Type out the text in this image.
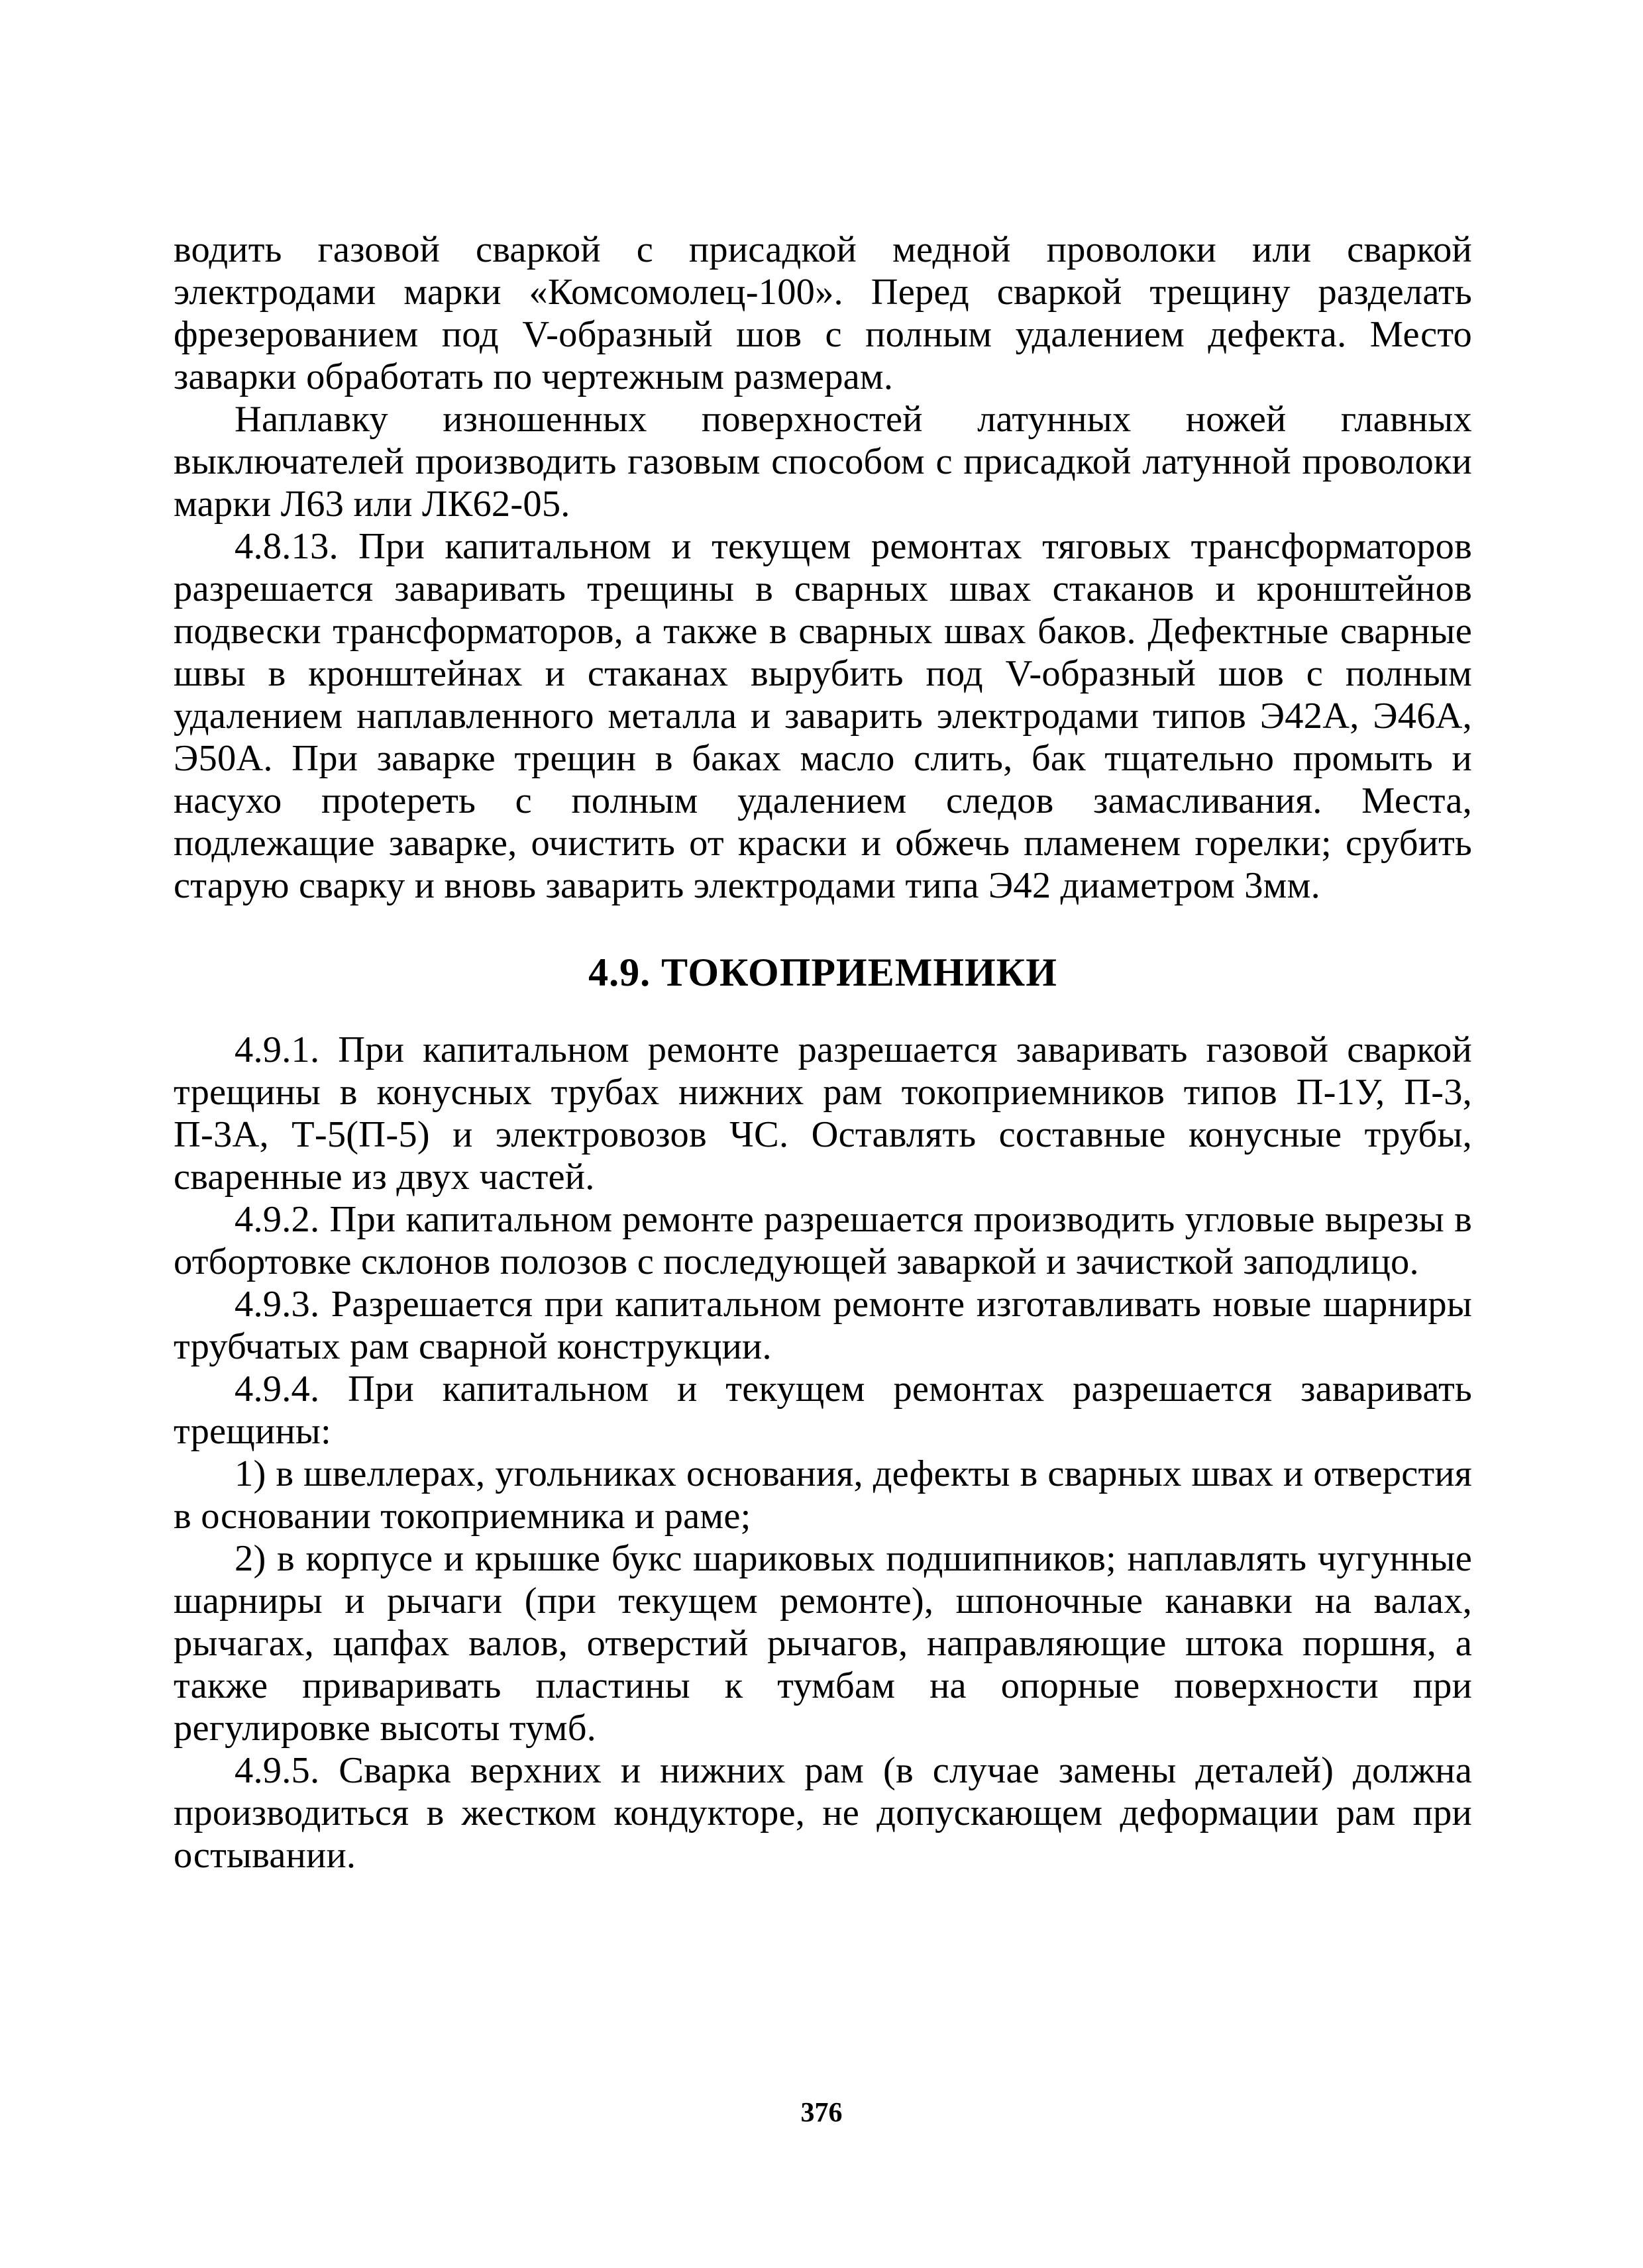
водить газовой сваркой с присадкой медной проволоки или сваркой электродами марки «Комсомолец-100». Перед сваркой трещину разделать фрезерованием под V-образный шов с полным удалением дефекта. Место заварки обработать по чертежным размерам.

Наплавку изношенных поверхностей латунных ножей главных выключателей производить газовым способом с присадкой латунной проволоки марки Л63 или ЛК62-05.

4.8.13. При капитальном и текущем ремонтах тяговых трансформаторов разрешается заваривать трещины в сварных швах стаканов и кронштейнов подвески трансформаторов, а также в сварных швах баков. Дефектные сварные швы в кронштейнах и стаканах вырубить под V-образный шов с полным удалением наплавленного металла и заварить электродами типов Э42А, Э46А, Э50А. При заварке трещин в баках масло слить, бак тщательно промыть и насухо прoteреть с полным удалением следов замасливания. Места, подлежащие заварке, очистить от краски и обжечь пламенем горелки; срубить старую сварку и вновь заварить электродами типа Э42 диаметром 3мм.

4.9. ТОКОПРИЕМНИКИ

4.9.1. При капитальном ремонте разрешается заваривать газовой сваркой трещины в конусных трубах нижних рам токоприемников типов П-1У, П-3, П-3А, Т-5(П-5) и электровозов ЧС. Оставлять составные конусные трубы, сваренные из двух частей.

4.9.2. При капитальном ремонте разрешается производить угловые вырезы в отбортовке склонов полозов с последующей заваркой и зачисткой заподлицо.

4.9.3. Разрешается при капитальном ремонте изготавливать новые шарниры трубчатых рам сварной конструкции.

4.9.4. При капитальном и текущем ремонтах разрешается заваривать трещины:

1) в швеллерах, угольниках основания, дефекты в сварных швах и отверстия в основании токоприемника и раме;

2) в корпусе и крышке букс шариковых подшипников; наплавлять чугунные шарниры и рычаги (при текущем ремонте), шпоночные канавки на валах, рычагах, цапфах валов, отверстий рычагов, направляющие штока поршня, а также приваривать пластины к тумбам на опорные поверхности при регулировке высоты тумб.

4.9.5. Сварка верхних и нижних рам (в случае замены деталей) должна производиться в жестком кондукторе, не допускающем деформации рам при остывании.

376
